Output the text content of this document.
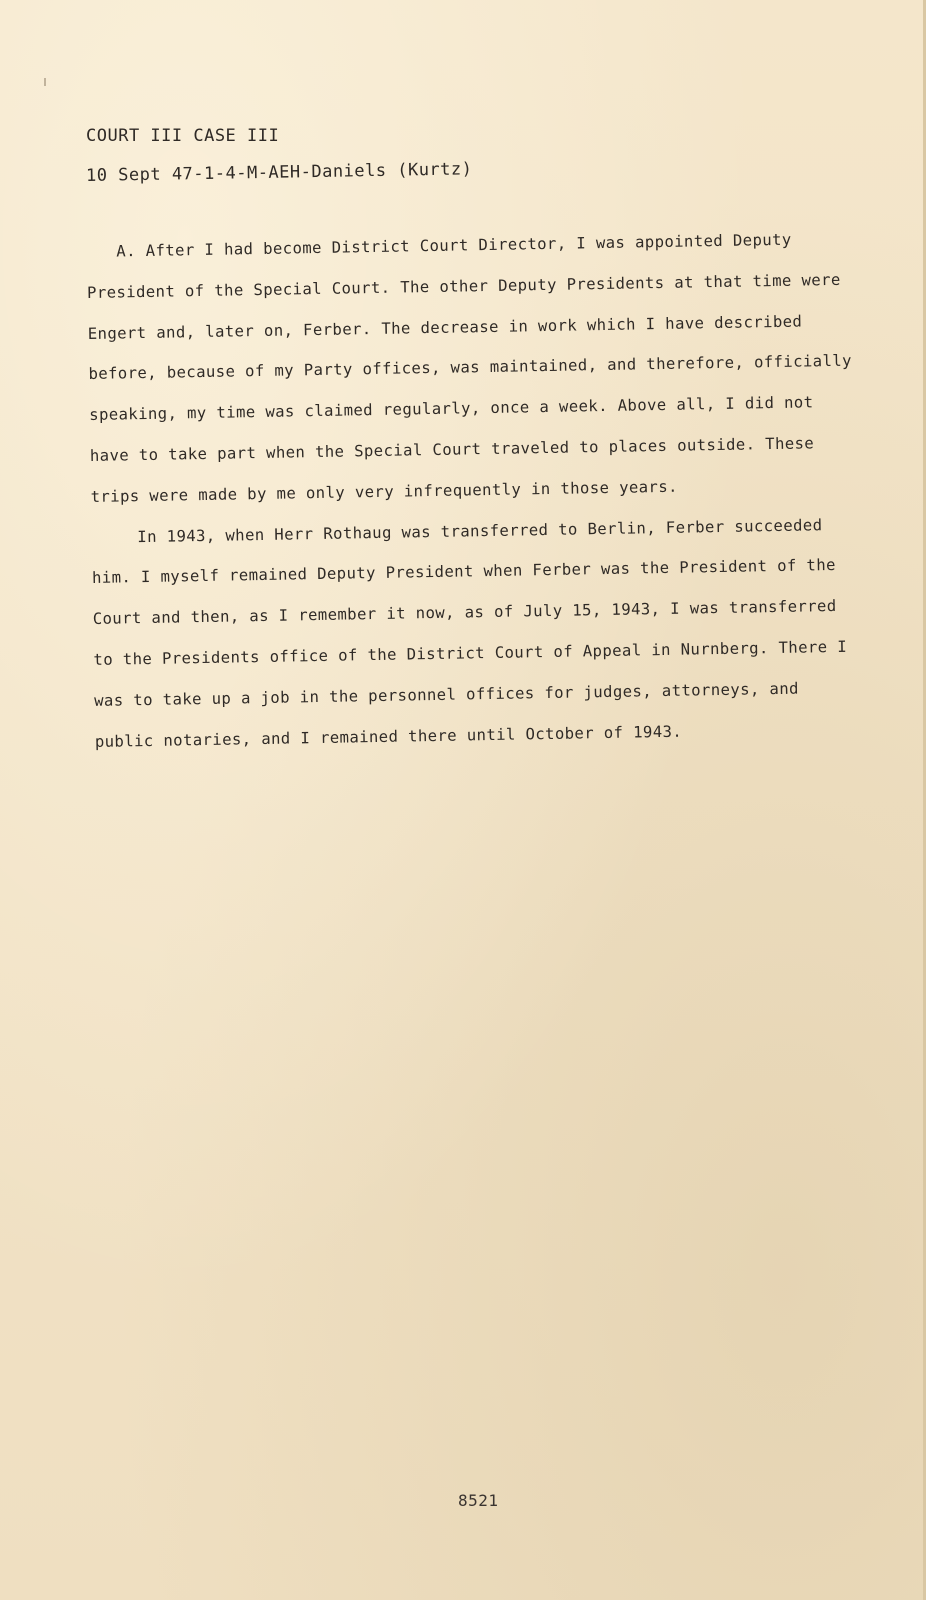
COURT III CASE III
10 Sept 47-1-4-M-AEH-Daniels (Kurtz)

A. After I had become District Court Director, I was appointed Deputy President of the Special Court. The other Deputy Presidents at that time were Engert and, later on, Ferber. The decrease in work which I have described before, because of my Party offices, was maintained, and therefore, officially speaking, my time was claimed regularly, once a week. Above all, I did not have to take part when the Special Court traveled to places outside. These trips were made by me only very infrequently in those years.

In 1943, when Herr Rothaug was transferred to Berlin, Ferber succeeded him. I myself remained Deputy President when Ferber was the President of the Court and then, as I remember it now, as of July 15, 1943, I was transferred to the Presidents office of the District Court of Appeal in Nurnberg. There I was to take up a job in the personnel offices for judges, attorneys, and public notaries, and I remained there until October of 1943.

8521
